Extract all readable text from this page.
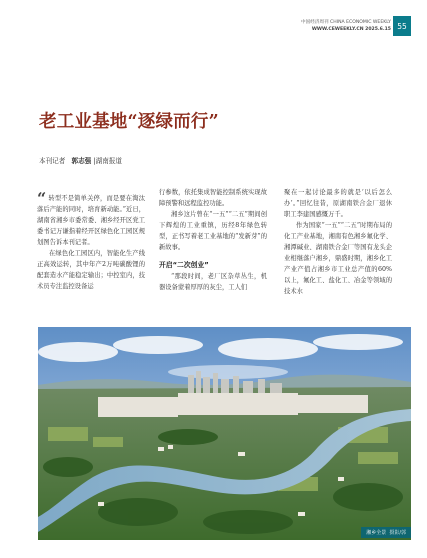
中国经济周刊 CHINA ECONOMIC WEEKLY
WWW.CEWEEKLY.CN 2025.6.15 55
老工业基地“逐绿而行”
本刊记者 郭志强 |湖南报道

“ 转型不是简单关停，而是要在淘汰落后产能的同时，培育新动能。”近日，湖南省湘乡市委常委、湘乡经开区党工委书记万谦指着经开区绿色化工园区规划图告诉本刊记者。

在绿色化工园区内，智能化生产线正高效运转，其中年产2万吨碳酸锂的配套造水产能稳定输出；中控室内，技术员专注监控设备运

行参数，依托集成智能控制系统实现故障预警和远程监控功能。

湘乡这片曾在“一五”“二五”期间创下辉煌的工业重镇，历经8年绿色转型，正书写着老工业基地的“发新芽”的新故事。

开启“二次创业”

“那段时间，老厂区杂草丛生，机器设备蒙着厚厚的灰尘，工人们

聚在一起讨论最多的就是‘以后怎么办’。”回忆往昔，原湖南铁合金厂退休职工李建国感慨万千。

作为国家“一五”“二五”时期布局的化工产业基地，湘南有色湘乡氟化学、湘潭碱业、湖南铁合金厂等国有龙头企业相继落户湘乡，鼎盛时期，湘乡化工产业产值占湘乡市工业总产值的60%以上，氟化工、盐化工、冶金等领域的技术水

湘乡全景 摄影/郭
